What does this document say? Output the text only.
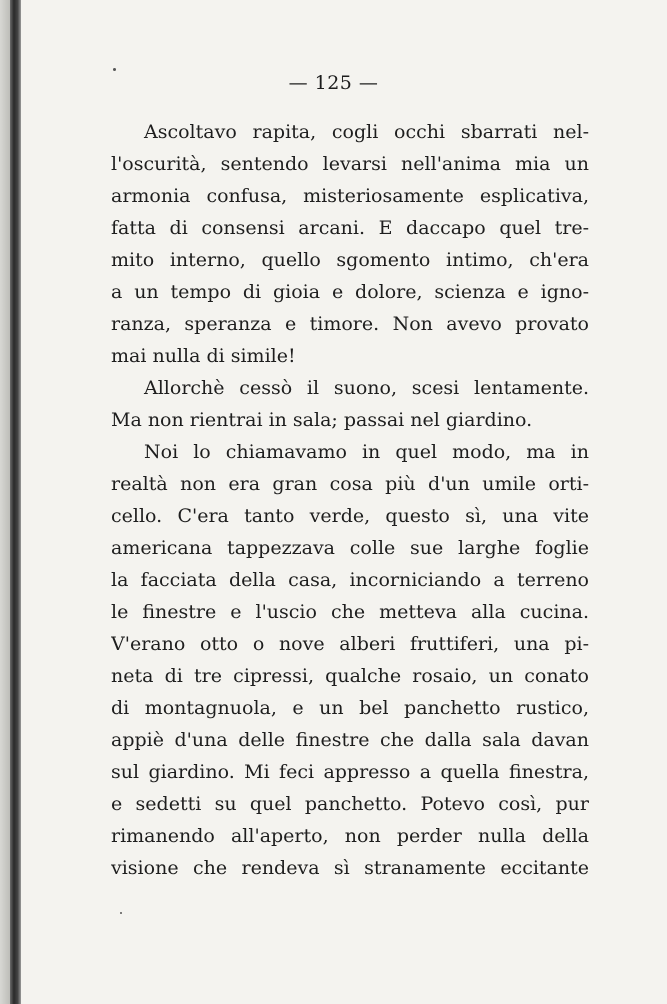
— 125 —

Ascoltavo rapita, cogli occhi sbarrati nel-
l'oscurità, sentendo levarsi nell'anima mia un
armonia confusa, misteriosamente esplicativa,
fatta di consensi arcani. E daccapo quel tre-
mito interno, quello sgomento intimo, ch'era
a un tempo di gioia e dolore, scienza e igno-
ranza, speranza e timore. Non avevo provato
mai nulla di simile!
Allorchè cessò il suono, scesi lentamente.
Ma non rientrai in sala; passai nel giardino.
Noi lo chiamavamo in quel modo, ma in
realtà non era gran cosa più d'un umile orti-
cello. C'era tanto verde, questo sì, una vite
americana tappezzava colle sue larghe foglie
la facciata della casa, incorniciando a terreno
le finestre e l'uscio che metteva alla cucina.
V'erano otto o nove alberi fruttiferi, una pi-
neta di tre cipressi, qualche rosaio, un conato
di montagnuola, e un bel panchetto rustico,
appiè d'una delle finestre che dalla sala davan
sul giardino. Mi feci appresso a quella finestra,
e sedetti su quel panchetto. Potevo così, pur
rimanendo all'aperto, non perder nulla della
visione che rendeva sì stranamente eccitante
